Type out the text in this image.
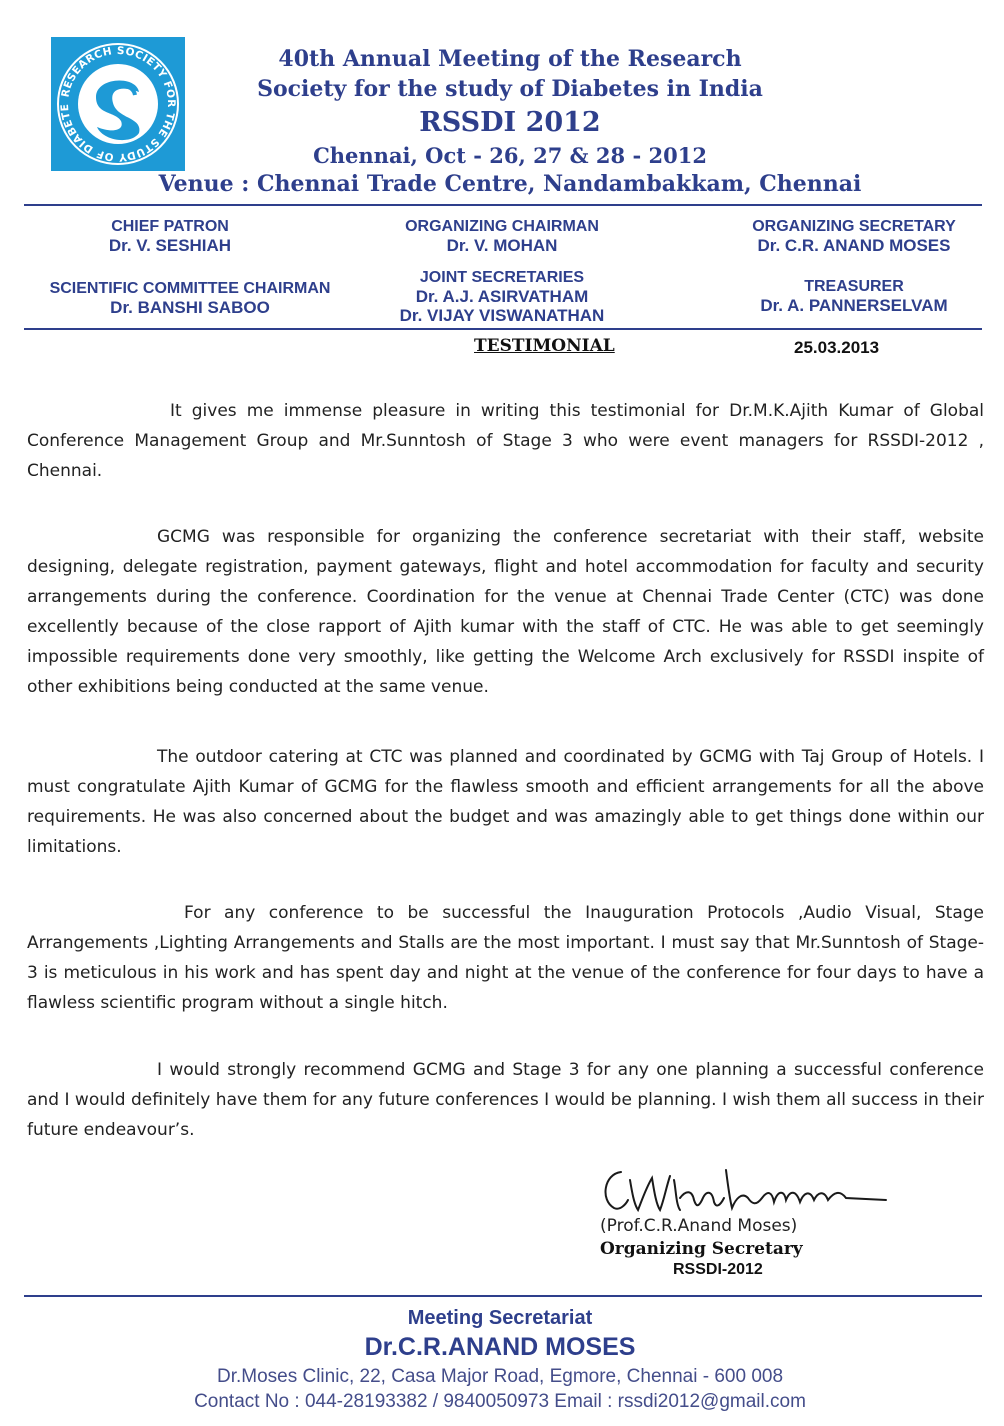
RESEARCH SOCIETY FOR THE STUDY OF DIABETE
40th Annual Meeting of the Research
Society for the study of Diabetes in India
RSSDI 2012
Chennai, Oct - 26, 27 & 28 - 2012
Venue : Chennai Trade Centre, Nandambakkam, Chennai
CHIEF PATRON
Dr. V. SESHIAH
ORGANIZING CHAIRMAN
Dr. V. MOHAN
ORGANIZING SECRETARY
Dr. C.R. ANAND MOSES
SCIENTIFIC COMMITTEE CHAIRMAN
Dr. BANSHI SABOO
JOINT SECRETARIES
Dr. A.J. ASIRVATHAM
Dr. VIJAY VISWANATHAN
TREASURER
Dr. A. PANNERSELVAM
TESTIMONIAL	25.03.2013
It gives me immense pleasure in writing this testimonial for Dr.M.K.Ajith Kumar of Global Conference Management Group and Mr.Sunntosh of Stage 3 who were event managers for RSSDI-2012 , Chennai.
GCMG was responsible for organizing the conference secretariat with their staff, website designing, delegate registration, payment gateways, flight and hotel accommodation for faculty and security arrangements during the conference. Coordination for the venue at Chennai Trade Center (CTC) was done excellently because of the close rapport of Ajith kumar with the staff of CTC. He was able to get seemingly impossible requirements done very smoothly, like getting the Welcome Arch exclusively for RSSDI inspite of other exhibitions being conducted at the same venue.
The outdoor catering at CTC was planned and coordinated by GCMG with Taj Group of Hotels. I must congratulate Ajith Kumar of GCMG for the flawless smooth and efficient arrangements for all the above requirements. He was also concerned about the budget and was amazingly able to get things done within our limitations.
For any conference to be successful the Inauguration Protocols ,Audio Visual, Stage Arrangements ,Lighting Arrangements and Stalls are the most important. I must say that Mr.Sunntosh of Stage-3 is meticulous in his work and has spent day and night at the venue of the conference for four days to have a flawless scientific program without a single hitch.
I would strongly recommend GCMG and Stage 3 for any one planning a successful conference and I would definitely have them for any future conferences I would be planning. I wish them all success in their future endeavour’s.
(Prof.C.R.Anand Moses)
Organizing Secretary
RSSDI-2012
Meeting Secretariat
Dr.C.R.ANAND MOSES
Dr.Moses Clinic, 22, Casa Major Road, Egmore, Chennai - 600 008
Contact No : 044-28193382 / 9840050973 Email : rssdi2012@gmail.com
